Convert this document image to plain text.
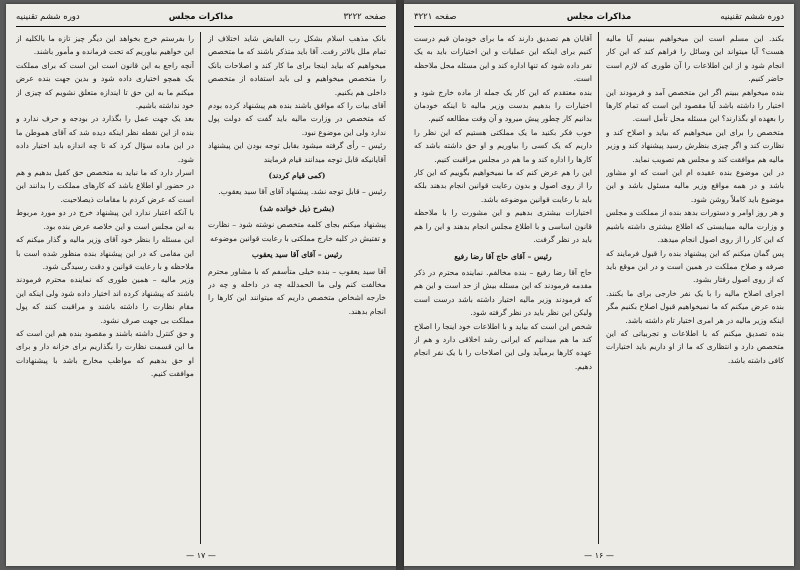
صفحه ۳۲۲۲
مذاکرات مجلس
دوره ششم تقنینیه

بانک مذهب اسلام بشکل رب الفایض شاید اختلاف از تمام ملل بالاتر رفت. آقا باید متذکر باشند که ما متخصص میخواهیم که بیاید اینجا برای ما کار کند و اصلاحات بانک را متخصص میخواهیم و لی باید استفاده از متخصص داخلی هم بکنیم.

آقای بیات را که موافق باشند بنده هم پیشنهاد کرده بودم که متخصص در وزارت مالیه باید گفت که دولت پول ندارد ولی این موضوع نبود.

رئیس – رأی گرفته میشود بقابل توجه بودن این پیشنهاد آقایانیکه قابل توجه میدانند قیام فرمایند

(کمی قیام کردند)

رئیس – قابل توجه نشد. پیشنهاد آقای آقا سید یعقوب.

(بشرح ذیل خوانده شد)

پیشنهاد میکنم بجای کلمه متخصص نوشته شود – نظارت و تفتیش در کلیه خارج مملکتی با رعایت قوانین موضوعه

رئیس – آقای آقا سید یعقوب

آقا سید یعقوب – بنده خیلی متأسفم که با مشاور محترم مخالفت کنم ولی ما الحمدلله چه در داخله و چه در خارجه اشخاص متخصص داریم که میتوانند این کارها را انجام بدهند.

را بفرستم خرج بخواهد این دیگر چیز تازه ما بالکلیه از این خواهیم بیاوریم که تحت فرمانده و مأمور باشند.

آنچه راجع به این قانون است این است که برای مملکت یک همچو اختیاری داده شود و بدین جهت بنده عرض میکنم ما به این حق تا ایندازه متعلق نشویم که چیزی از خود نداشته باشیم.

بعد یک جهت عمل را بگذارد در بودجه و حرف ندارد و بنده از این نقطه نظر اینکه دیده شد که آقای هموطن ما در این ماده سؤال کرد که تا چه اندازه باید اختیار داده شود.

اسرار دارد که ما نباید به متخصص حق کفیل بدهیم و هم در حضور او اطلاع باشد که کارهای مملکت را بدانند این است که عرض کردم با مقامات ذیصلاحیت.

با آنکه اعتبار ندارد این پیشنهاد خرج در دو مورد مربوط به این مجلس است و این خلاصه عرض بنده بود.

این مسئله را بنظر خود آقای وزیر مالیه و گذار میکنم که این مقامی که در این پیشنهاد بنده منظور شده است با ملاحظه و با رعایت قوانین و دقت رسیدگی شود.

وزیر مالیه – همین طوری که نماینده محترم فرمودند باشند که پیشنهاد کرده اند اختیار داده شود ولی اینکه این مقام نظارت را داشته باشند و مراقبت کنند که پول مملکت بی جهت صرف نشود.

و حق کنترل داشته باشند و مقصود بنده هم این است که ما این قسمت نظارت را بگذاریم برای خزانه دار و برای او حق بدهیم که مواظب مخارج باشد با پیشنهادات موافقت کنیم.

— ۱۷ —
دوره ششم تقنینیه
مذاکرات مجلس
صفحه ۳۲۲۱

بکند. این مسلم است این میخواهیم ببینیم آیا مالیه هست؟ آیا میتواند این وسائل را فراهم کند که این کار انجام شود و از این اطلاعات را آن طوری که لازم است حاضر کنیم.

بنده میخواهم ببینم اگر این متخصص آمد و فرمودند این اختیار را داشته باشد آیا مقصود این است که تمام کارها را بعهده او بگذارند؟ این مسئله محل تأمل است.

متخصص را برای این میخواهیم که بیاید و اصلاح کند و نظارت کند و اگر چیزی بنظرش رسید پیشنهاد کند و وزیر مالیه هم موافقت کند و مجلس هم تصویب نماید.

در این موضوع بنده عقیده ام این است که او مشاور باشد و در همه مواقع وزیر مالیه مسئول باشد و این موضوع باید کاملاً روشن شود.

و هر روز اوامر و دستورات بدهد بنده از مملکت و مجلس و وزارت مالیه میبایستی که اطلاع بیشتری داشته باشیم که این کار را از روی اصول انجام میدهد.

پس گمان میکنم که این پیشنهاد بنده را قبول فرمایند که صرفه و صلاح مملکت در همین است و در این موقع باید که از روی اصول رفتار بشود.

اجرای اصلاح مالیه را با یک نفر خارجی برای ما بکنند. بنده عرض میکنم که ما نمیخواهیم قبول اصلاح بکنیم مگر اینکه وزیر مالیه در هر امری اختیار تام داشته باشد.

بنده تصدیق میکنم که با اطلاعات و تجربیاتی که این متخصص دارد و انتظاری که ما از او داریم باید اختیارات کافی داشته باشد.

آقایان هم تصدیق دارند که ما برای خودمان قیم درست کنیم برای اینکه این عملیات و این اختیارات باید به یک نفر داده شود که تنها اداره کند و این مسئله محل ملاحظه است.

بنده معتقدم که این کار یک جمله از ماده خارج شود و اختیارات را بدهیم بدست وزیر مالیه تا اینکه خودمان بدانیم کار چطور پیش میرود و آن وقت مطالعه کنیم.

خوب فکر بکنید ما یک مملکتی هستیم که این نظر را داریم که یک کسی را بیاوریم و او حق داشته باشد که کارها را اداره کند و ما هم در مجلس مراقبت کنیم.

این را هم عرض کنم که ما نمیخواهیم بگوییم که این کار را از روی اصول و بدون رعایت قوانین انجام بدهند بلکه باید با رعایت قوانین موضوعه باشد.

اختیارات بیشتری بدهیم و این مشورت را با ملاحظه قانون اساسی و با اطلاع مجلس انجام بدهند و این را هم باید در نظر گرفت.

رئیس – آقای حاج آقا رضا رفیع

حاج آقا رضا رفیع – بنده مخالفم. نماینده محترم در ذکر مقدمه فرمودند که این مسئله بیش از حد است و این هم که فرمودند وزیر مالیه اختیار داشته باشد درست است ولیکن این نظر باید در نظر گرفته شود.

شخص این است که بیاید و با اطلاعات خود اینجا را اصلاح کند ما هم میدانیم که ایرانی رشد اخلاقی دارد و هم از عهده کارها برمیآید ولی این اصلاحات را با یک نفر انجام دهیم.

— ۱۶ —
